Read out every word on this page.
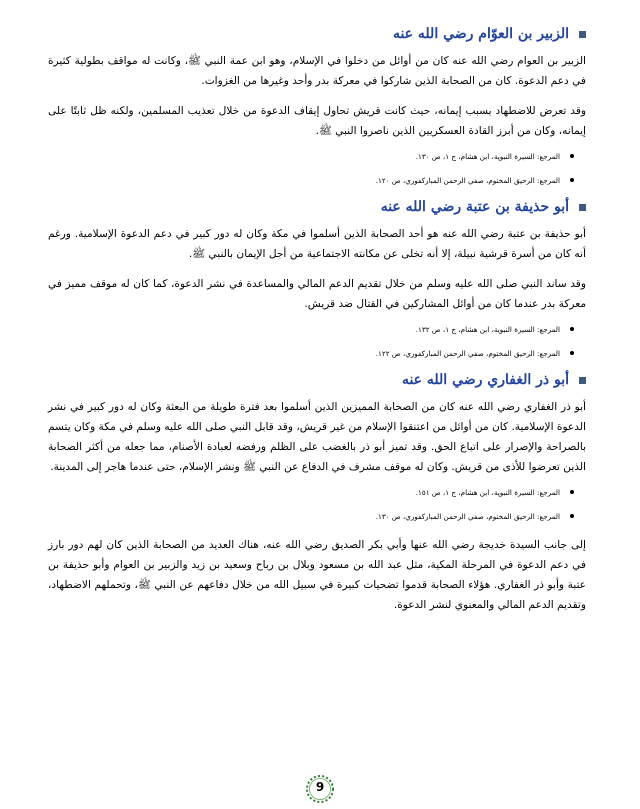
الزبير بن العوّام رضي الله عنه

الزبير بن العوام رضي الله عنه كان من أوائل من دخلوا في الإسلام، وهو ابن عمة النبي ﷺ، وكانت له مواقف بطولية كثيرة في دعم الدعوة. كان من الصحابة الذين شاركوا في معركة بدر وأحد وغيرها من الغزوات.

وقد تعرض للاضطهاد بسبب إيمانه، حيث كانت قريش تحاول إيقاف الدعوة من خلال تعذيب المسلمين، ولكنه ظل ثابتًا على إيمانه، وكان من أبرز القادة العسكريين الذين ناصروا النبي ﷺ.

المرجع: السيرة النبوية، ابن هشام، ج ١، ص ١٣٠.
المرجع: الرحيق المختوم، صفي الرحمن المباركفوري، ص ١٢٠.
أبو حذيفة بن عتبة رضي الله عنه

أبو حذيفة بن عتبة رضي الله عنه هو أحد الصحابة الذين أسلموا في مكة وكان له دور كبير في دعم الدعوة الإسلامية. ورغم أنه كان من أسرة قرشية نبيلة، إلا أنه تخلى عن مكانته الاجتماعية من أجل الإيمان بالنبي ﷺ.

وقد ساند النبي صلى الله عليه وسلم من خلال تقديم الدعم المالي والمساعدة في نشر الدعوة، كما كان له موقف مميز في معركة بدر عندما كان من أوائل المشاركين في القتال ضد قريش.

المرجع: السيرة النبوية، ابن هشام، ج ١، ص ١٣٢.
المرجع: الرحيق المختوم، صفي الرحمن المباركفوري، ص ١٢٢.
أبو ذر الغفاري رضي الله عنه

أبو ذر الغفاري رضي الله عنه كان من الصحابة المميزين الذين أسلموا بعد فترة طويلة من البعثة وكان له دور كبير في نشر الدعوة الإسلامية. كان من أوائل من اعتنقوا الإسلام من غير قريش، وقد قابل النبي صلى الله عليه وسلم في مكة وكان يتسم بالصراحة والإصرار على اتباع الحق. وقد تميز أبو ذر بالغضب على الظلم ورفضه لعبادة الأصنام، مما جعله من أكثر الصحابة الذين تعرضوا للأذى من قريش. وكان له موقف مشرف في الدفاع عن النبي ﷺ ونشر الإسلام، حتى عندما هاجر إلى المدينة.

المرجع: السيرة النبوية، ابن هشام، ج ١، ص ١٥١.
المرجع: الرحيق المختوم، صفي الرحمن المباركفوري، ص ١٣٠.

إلى جانب السيدة خديجة رضي الله عنها وأبي بكر الصديق رضي الله عنه، هناك العديد من الصحابة الذين كان لهم دور بارز في دعم الدعوة في المرحلة المكية، مثل عبد الله بن مسعود وبلال بن رباح وسعيد بن زيد والزبير بن العوام وأبو حذيفة بن عتبة وأبو ذر الغفاري. هؤلاء الصحابة قدموا تضحيات كبيرة في سبيل الله من خلال دفاعهم عن النبي ﷺ، وتحملهم الاضطهاد، وتقديم الدعم المالي والمعنوي لنشر الدعوة.

9
